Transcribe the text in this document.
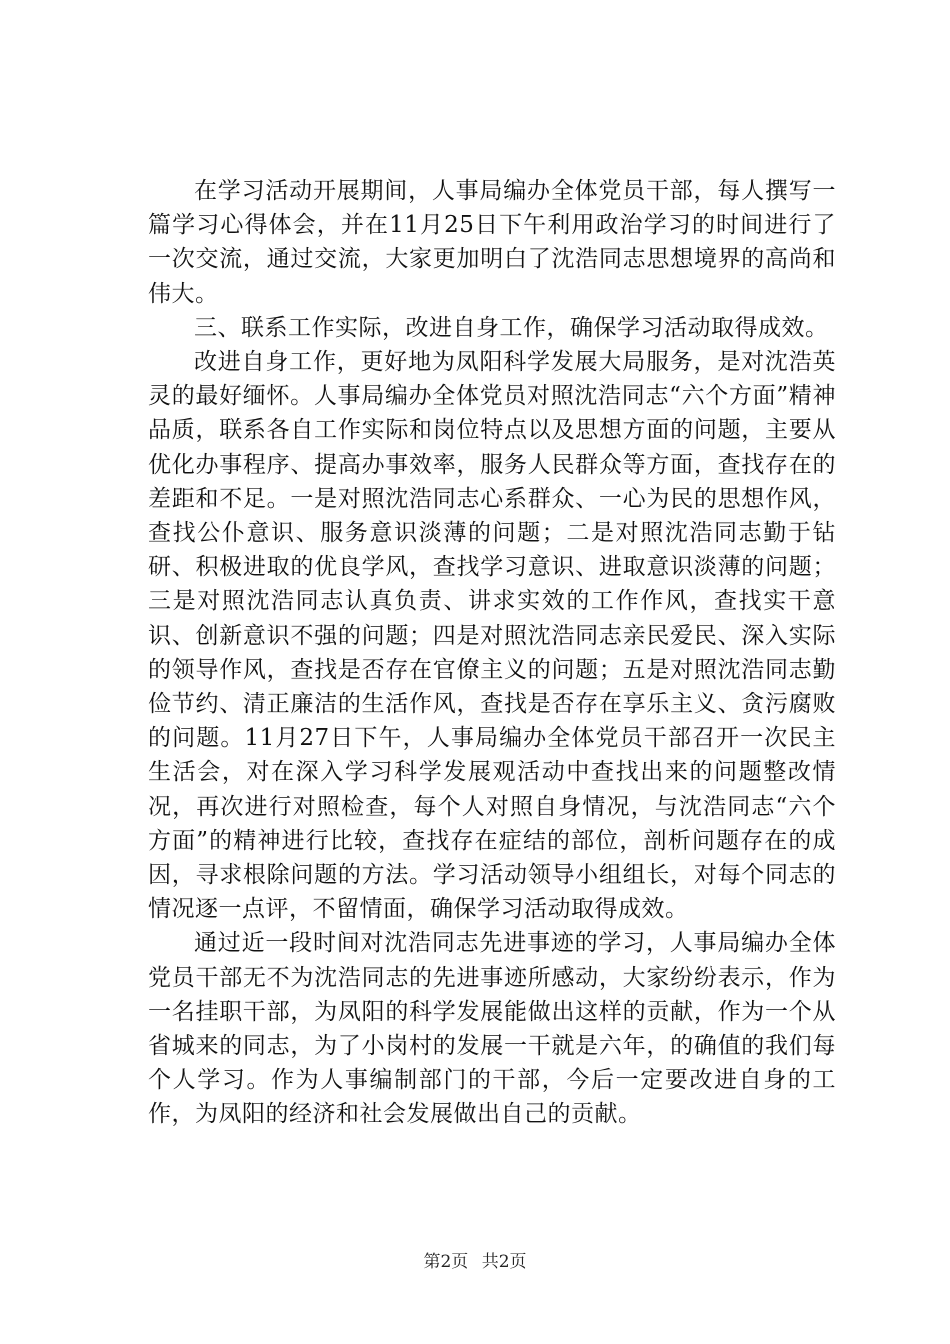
在学习活动开展期间，人事局编办全体党员干部，每人撰写一篇学习心得体会，并在11月25日下午利用政治学习的时间进行了一次交流，通过交流，大家更加明白了沈浩同志思想境界的高尚和伟大。

三、联系工作实际，改进自身工作，确保学习活动取得成效。

改进自身工作，更好地为凤阳科学发展大局服务，是对沈浩英灵的最好缅怀。人事局编办全体党员对照沈浩同志“六个方面”精神品质，联系各自工作实际和岗位特点以及思想方面的问题，主要从优化办事程序、提高办事效率，服务人民群众等方面，查找存在的差距和不足。一是对照沈浩同志心系群众、一心为民的思想作风，查找公仆意识、服务意识淡薄的问题；二是对照沈浩同志勤于钻研、积极进取的优良学风，查找学习意识、进取意识淡薄的问题；三是对照沈浩同志认真负责、讲求实效的工作作风，查找实干意识、创新意识不强的问题；四是对照沈浩同志亲民爱民、深入实际的领导作风，查找是否存在官僚主义的问题；五是对照沈浩同志勤俭节约、清正廉洁的生活作风，查找是否存在享乐主义、贪污腐败的问题。11月27日下午，人事局编办全体党员干部召开一次民主生活会，对在深入学习科学发展观活动中查找出来的问题整改情况，再次进行对照检查，每个人对照自身情况，与沈浩同志“六个方面”的精神进行比较，查找存在症结的部位，剖析问题存在的成因，寻求根除问题的方法。学习活动领导小组组长，对每个同志的情况逐一点评，不留情面，确保学习活动取得成效。

通过近一段时间对沈浩同志先进事迹的学习，人事局编办全体党员干部无不为沈浩同志的先进事迹所感动，大家纷纷表示，作为一名挂职干部，为凤阳的科学发展能做出这样的贡献，作为一个从省城来的同志，为了小岗村的发展一干就是六年，的确值的我们每个人学习。作为人事编制部门的干部，今后一定要改进自身的工作，为凤阳的经济和社会发展做出自己的贡献。

第2页 共2页
